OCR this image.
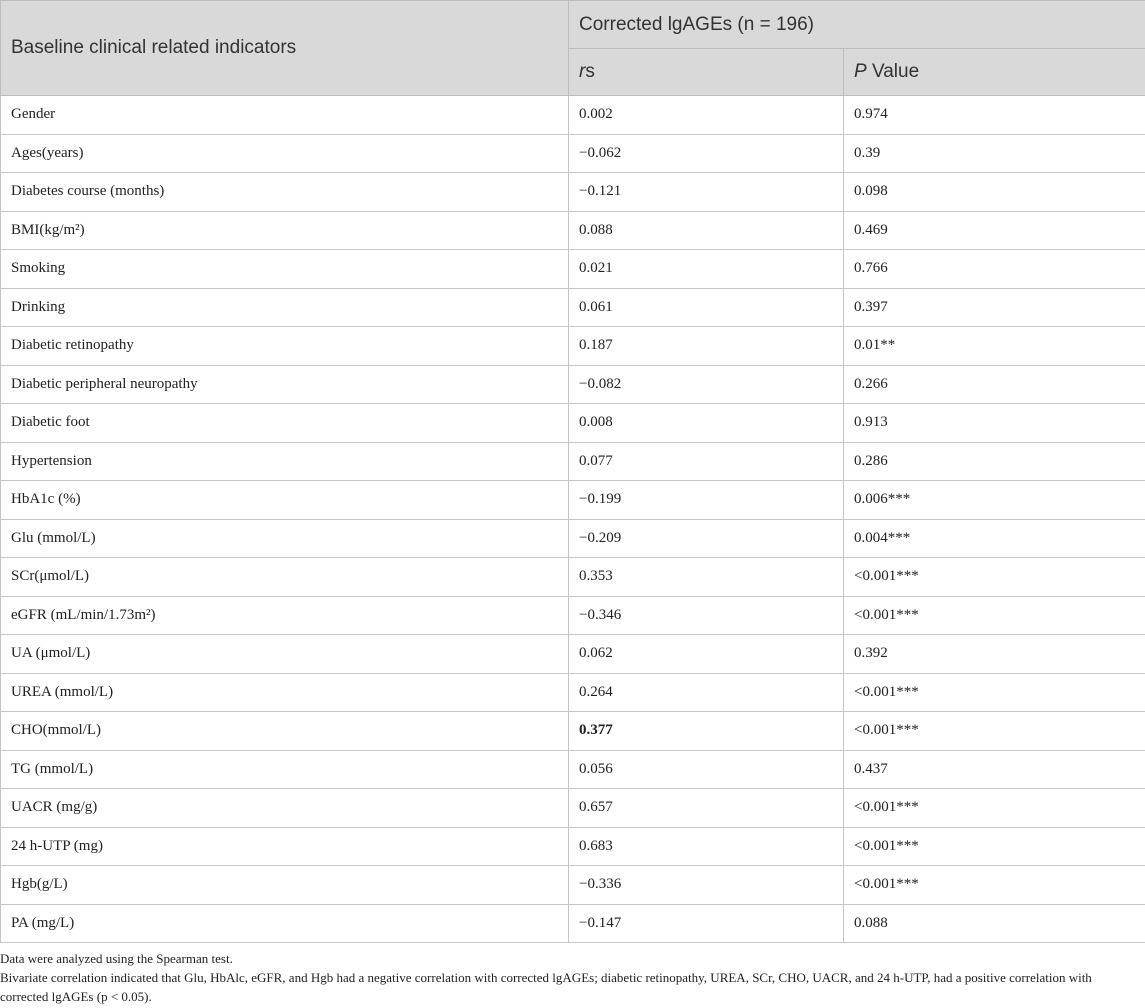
Baseline clinical related indicators	Corrected lgAGEs (n = 196)	
	rs	P Value
Gender	0.002	0.974
Ages(years)	−0.062	0.39
Diabetes course (months)	−0.121	0.098
BMI(kg/m²)	0.088	0.469
Smoking	0.021	0.766
Drinking	0.061	0.397
Diabetic retinopathy	0.187	0.01**
Diabetic peripheral neuropathy	−0.082	0.266
Diabetic foot	0.008	0.913
Hypertension	0.077	0.286
HbA1c (%)	−0.199	0.006***
Glu (mmol/L)	−0.209	0.004***
SCr(μmol/L)	0.353	<0.001***
eGFR (mL/min/1.73m²)	−0.346	<0.001***
UA (μmol/L)	0.062	0.392
UREA (mmol/L)	0.264	<0.001***
CHO(mmol/L)	0.377	<0.001***
TG (mmol/L)	0.056	0.437
UACR (mg/g)	0.657	<0.001***
24 h-UTP (mg)	0.683	<0.001***
Hgb(g/L)	−0.336	<0.001***
PA (mg/L)	−0.147	0.088

Data were analyzed using the Spearman test.

Bivariate correlation indicated that Glu, HbAlc, eGFR, and Hgb had a negative correlation with corrected lgAGEs; diabetic retinopathy, UREA, SCr, CHO, UACR, and 24 h-UTP, had a positive correlation with corrected lgAGEs (p < 0.05).
